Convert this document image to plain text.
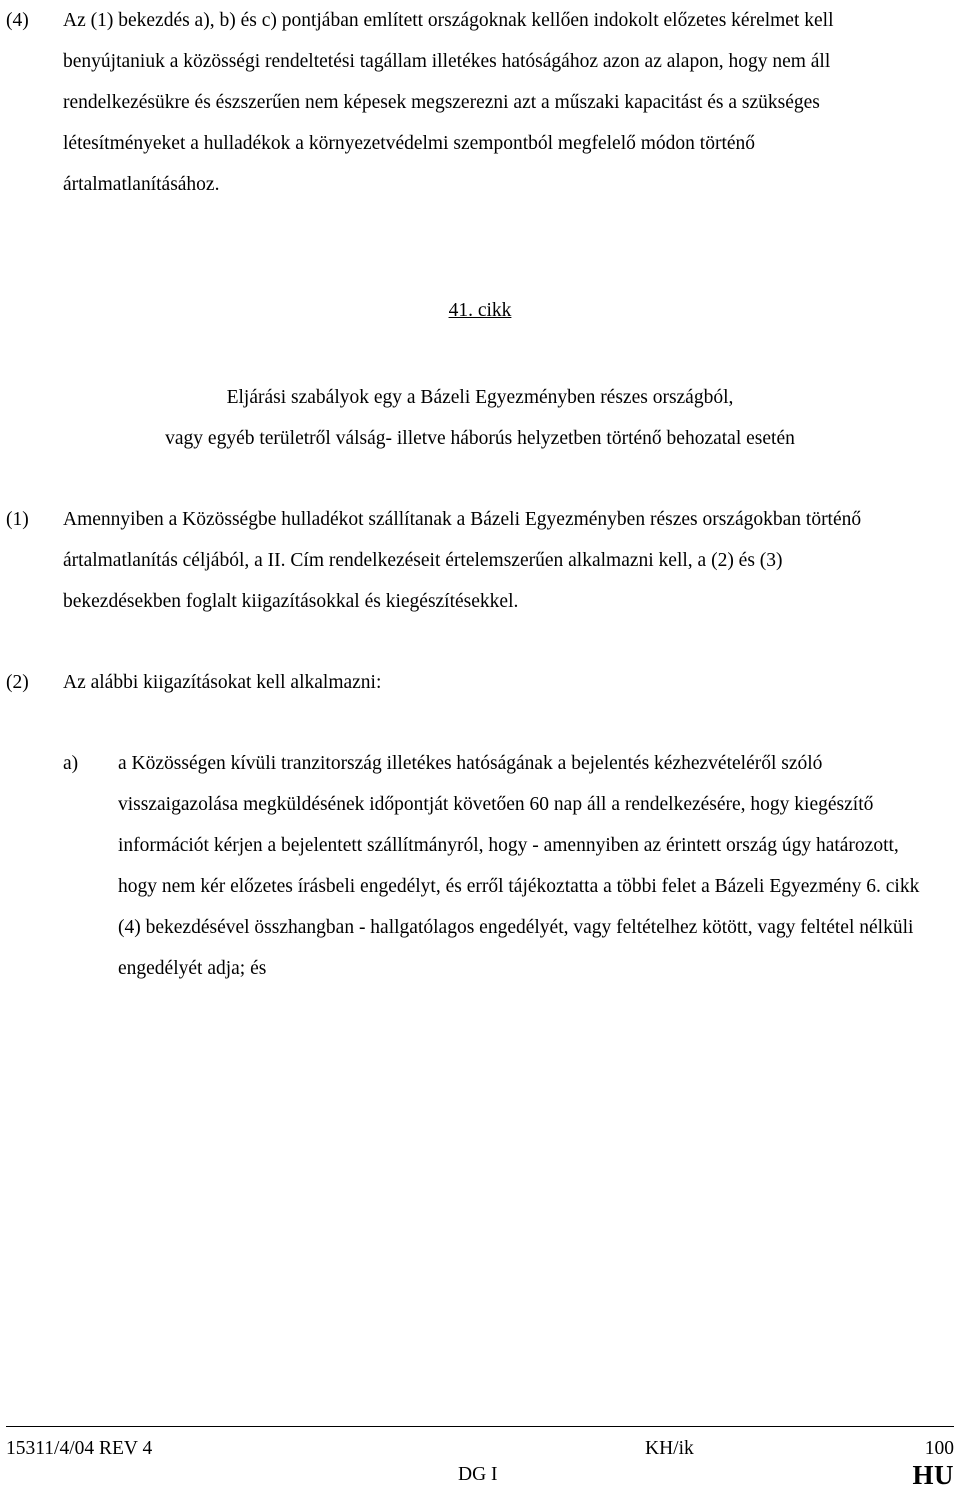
(4) Az (1) bekezdés a), b) és c) pontjában említett országoknak kellően indokolt előzetes kérelmet kell benyújtaniuk a közösségi rendeltetési tagállam illetékes hatóságához azon az alapon, hogy nem áll rendelkezésükre és észszerűen nem képesek megszerezni azt a műszaki kapacitást és a szükséges létesítményeket a hulladékok a környezetvédelmi szempontból megfelelő módon történő ártalmatlanításához.
41. cikk
Eljárási szabályok egy a Bázeli Egyezményben részes országból,
vagy egyéb területről válság- illetve háborús helyzetben történő behozatal esetén
(1) Amennyiben a Közösségbe hulladékot szállítanak a Bázeli Egyezményben részes országokban történő ártalmatlanítás céljából, a II. Cím rendelkezéseit értelemszerűen alkalmazni kell, a (2) és (3) bekezdésekben foglalt kiigazításokkal és kiegészítésekkel.
(2) Az alábbi kiigazításokat kell alkalmazni:
a) a Közösségen kívüli tranzitország illetékes hatóságának a bejelentés kézhezvételéről szóló visszaigazolása megküldésének időpontját követően 60 nap áll a rendelkezésére, hogy kiegészítő információt kérjen a bejelentett szállítmányról, hogy - amennyiben az érintett ország úgy határozott, hogy nem kér előzetes írásbeli engedélyt, és erről tájékoztatta a többi felet a Bázeli Egyezmény 6. cikk (4) bekezdésével összhangban - hallgatólagos engedélyét, vagy feltételhez kötött, vagy feltétel nélküli engedélyét adja; és
15311/4/04 REV 4	KH/ik	100
DG I	HU
